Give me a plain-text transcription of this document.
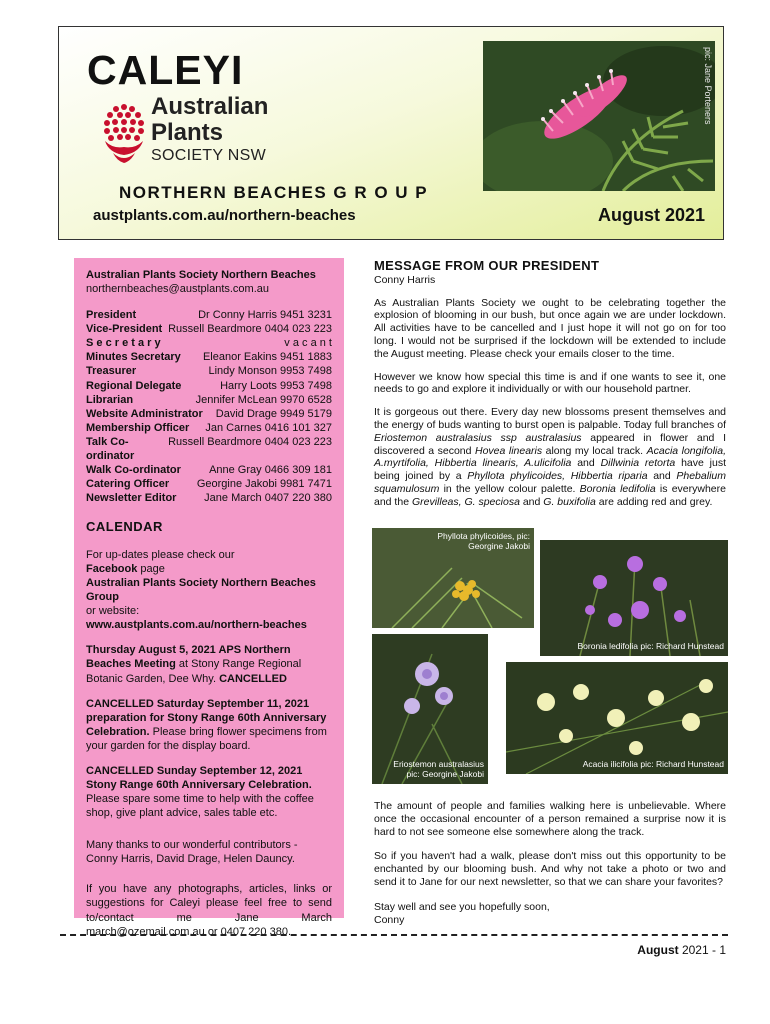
CALEYI
Australian
Plants
SOCIETY NSW
pic: Jane Porteners
NORTHERN BEACHES G R O U P
austplants.com.au/northern-beaches	August 2021
Australian Plants Society Northern Beaches
northernbeaches@austplants.com.au
President	Dr Conny Harris 9451 3231
Vice-President Russell Beardmore 0404 023 223
S e c r e t a r y	v a c a n t
Minutes Secretary Eleanor Eakins 9451 1883
Treasurer	Lindy Monson 9953 7498
Regional Delegate	Harry Loots 9953 7498
Librarian	Jennifer McLean 9970 6528
Website Administrator David Drage 9949 5179
Membership Officer Jan Carnes 0416 101 327
Talk Co-ordinator
Russell Beardmore 0404 023 223
Walk Co-ordinator	Anne Gray 0466 309 181
Catering Officer	Georgine Jakobi 9981 7471
Newsletter Editor	Jane March 0407 220 380
CALENDAR

For up-dates please check our
Facebook page
Australian Plants Society Northern Beaches Group
or website:
www.austplants.com.au/northern-beaches

Thursday August 5, 2021 APS Northern Beaches Meeting at Stony Range Regional Botanic Garden, Dee Why. CANCELLED

CANCELLED Saturday September 11, 2021 preparation for Stony Range 60th Anniversary Celebration. Please bring flower specimens from your garden for the display board.

CANCELLED Sunday September 12, 2021 Stony Range 60th Anniversary Celebration.
Please spare some time to help with the coffee shop, give plant advice, sales table etc.

Many thanks to our wonderful contributors - Conny Harris, David Drage, Helen Dauncy.

If you have any photographs, articles, links or suggestions for Caleyi please feel free to send to/contact me Jane March march@ozemail.com.au or 0407 220 380.

MESSAGE FROM OUR PRESIDENT
Conny Harris

As Australian Plants Society we ought to be celebrating together the explosion of blooming in our bush, but once again we are under lockdown. All activities have to be cancelled and I just hope it will not go on for too long. I would not be surprised if the lockdown will be extended to include the August meeting. Please check your emails closer to the time.

However we know how special this time is and if one wants to see it, one needs to go and explore it individually or with our household partner.

It is gorgeous out there. Every day new blossoms present themselves and the energy of buds wanting to burst open is palpable. Today full branches of Eriostemon australasius ssp australasius appeared in flower and I discovered a second Hovea linearis along my local track. Acacia longifolia, A.myrtifolia, Hibbertia linearis, A.ulicifolia and Dillwinia retorta have just being joined by a Phyllota phylicoides, Hibbertia riparia and Phebalium squamulosum in the yellow colour palette. Boronia ledifolia is everywhere and the Grevilleas, G. speciosa and G. buxifolia are adding red and grey.

Phyllota phylicoides, pic:
Georgine Jakobi
Boronia ledifolia pic: Richard Hunstead
Eriostemon australasius
pic: Georgine Jakobi
Acacia ilicifolia pic: Richard Hunstead

The amount of people and families walking here is unbelievable. Where once the occasional encounter of a person remained a surprise now it is hard to not see someone else somewhere along the track.

So if you haven't had a walk, please don't miss out this opportunity to be enchanted by our blooming bush. And why not take a photo or two and send it to Jane for our next newsletter, so that we can share your favorites?

Stay well and see you hopefully soon,
Conny

August 2021 - 1
